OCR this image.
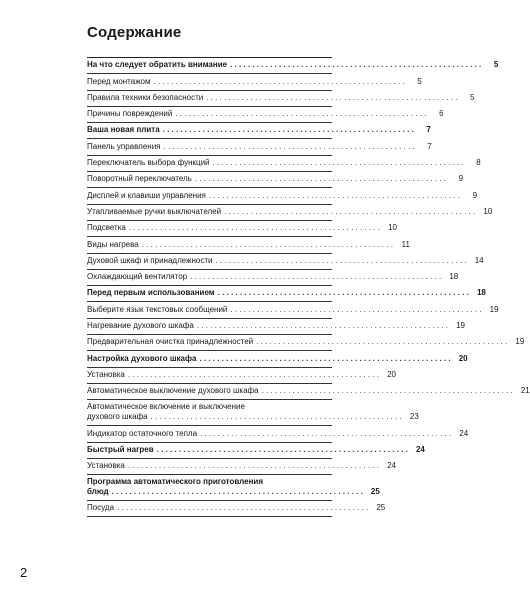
Содержание
На что следует обратить внимание . . . . . . . . . . . . . . . . . . . . . . . . . . . . . . . . . . . . . . . . . . . . . . . . . . . . . . . . .	5
Перед монтажом . . . . . . . . . . . . . . . . . . . . . . . . . . . . . . . . . . . . . . . . . . . . . . . . . . . . . . . . .	5
Правила техники безопасности . . . . . . . . . . . . . . . . . . . . . . . . . . . . . . . . . . . . . . . . . . . . . . . . . . . . . . . . .	5
Причины повреждений . . . . . . . . . . . . . . . . . . . . . . . . . . . . . . . . . . . . . . . . . . . . . . . . . . . . . . . . .	6
Ваша новая плита . . . . . . . . . . . . . . . . . . . . . . . . . . . . . . . . . . . . . . . . . . . . . . . . . . . . . . . . .	7
Панель управления . . . . . . . . . . . . . . . . . . . . . . . . . . . . . . . . . . . . . . . . . . . . . . . . . . . . . . . . .	7
Переключатель выбора функций . . . . . . . . . . . . . . . . . . . . . . . . . . . . . . . . . . . . . . . . . . . . . . . . . . . . . . . . .	8
Поворотный переключатель . . . . . . . . . . . . . . . . . . . . . . . . . . . . . . . . . . . . . . . . . . . . . . . . . . . . . . . . .	9
Дисплей и клавиши управления . . . . . . . . . . . . . . . . . . . . . . . . . . . . . . . . . . . . . . . . . . . . . . . . . . . . . . . . .	9
Утапливаемые ручки выключателей . . . . . . . . . . . . . . . . . . . . . . . . . . . . . . . . . . . . . . . . . . . . . . . . . . . . . . . . .	10
Подсветка . . . . . . . . . . . . . . . . . . . . . . . . . . . . . . . . . . . . . . . . . . . . . . . . . . . . . . . . .	10
Виды нагрева . . . . . . . . . . . . . . . . . . . . . . . . . . . . . . . . . . . . . . . . . . . . . . . . . . . . . . . . .	11
Духовой шкаф и принадлежности . . . . . . . . . . . . . . . . . . . . . . . . . . . . . . . . . . . . . . . . . . . . . . . . . . . . . . . . .	14
Охлаждающий вентилятор . . . . . . . . . . . . . . . . . . . . . . . . . . . . . . . . . . . . . . . . . . . . . . . . . . . . . . . . .	18
Перед первым использованием . . . . . . . . . . . . . . . . . . . . . . . . . . . . . . . . . . . . . . . . . . . . . . . . . . . . . . . . .	18
Выберите язык текстовых сообщений . . . . . . . . . . . . . . . . . . . . . . . . . . . . . . . . . . . . . . . . . . . . . . . . . . . . . . . . .	19
Нагревание духового шкафа . . . . . . . . . . . . . . . . . . . . . . . . . . . . . . . . . . . . . . . . . . . . . . . . . . . . . . . . .	19
Предварительная очистка принадлежностей . . . . . . . . . . . . . . . . . . . . . . . . . . . . . . . . . . . . . . . . . . . . . . . . . . . . . . . . .	19
Настройка духового шкафа . . . . . . . . . . . . . . . . . . . . . . . . . . . . . . . . . . . . . . . . . . . . . . . . . . . . . . . . .	20
Установка . . . . . . . . . . . . . . . . . . . . . . . . . . . . . . . . . . . . . . . . . . . . . . . . . . . . . . . . .	20
Автоматическое выключение духового шкафа . . . . . . . . . . . . . . . . . . . . . . . . . . . . . . . . . . . . . . . . . . . . . . . . . . . . . . . . .	21
Автоматическое включение и выключение
духового шкафа . . . . . . . . . . . . . . . . . . . . . . . . . . . . . . . . . . . . . . . . . . . . . . . . . . . . . . . . .	23
Индикатор остаточного тепла . . . . . . . . . . . . . . . . . . . . . . . . . . . . . . . . . . . . . . . . . . . . . . . . . . . . . . . . .	24
Быстрый нагрев . . . . . . . . . . . . . . . . . . . . . . . . . . . . . . . . . . . . . . . . . . . . . . . . . . . . . . . . .	24
Установка . . . . . . . . . . . . . . . . . . . . . . . . . . . . . . . . . . . . . . . . . . . . . . . . . . . . . . . . .	24
Программа автоматического приготовления
блюд . . . . . . . . . . . . . . . . . . . . . . . . . . . . . . . . . . . . . . . . . . . . . . . . . . . . . . . . .	25
Посуда . . . . . . . . . . . . . . . . . . . . . . . . . . . . . . . . . . . . . . . . . . . . . . . . . . . . . . . . .	25
2
